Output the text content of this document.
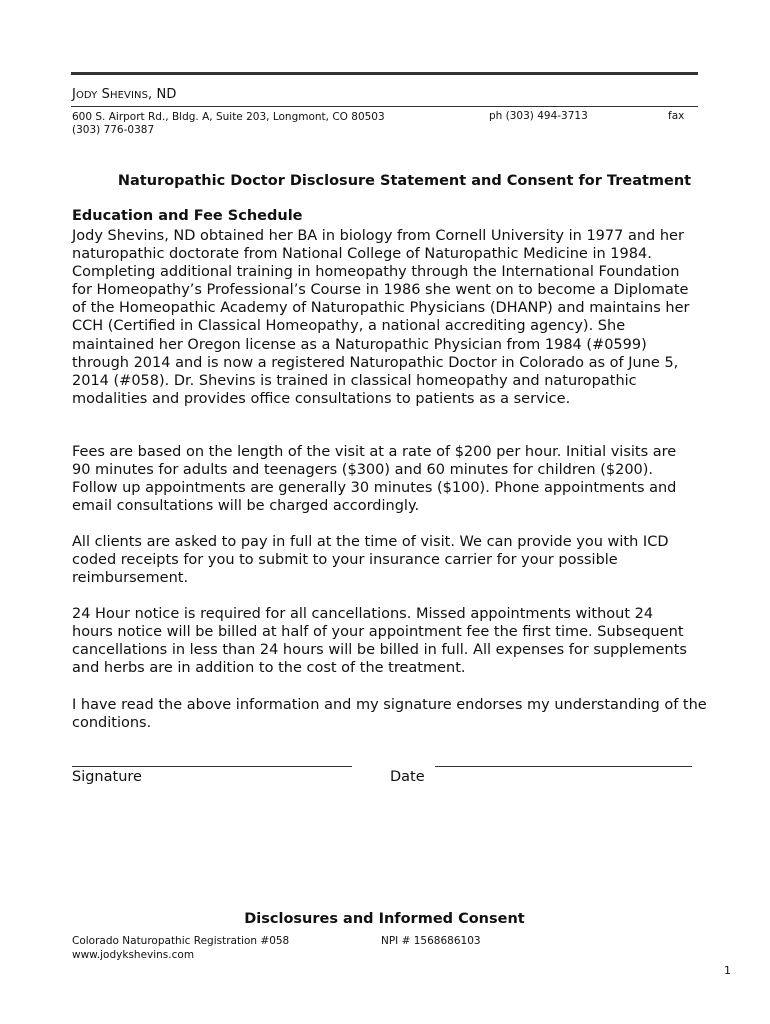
JODY SHEVINS, ND
600 S. Airport Rd., Bldg. A, Suite 203, Longmont, CO 80503	ph (303) 494-3713	fax
(303) 776-0387
Naturopathic Doctor Disclosure Statement and Consent for Treatment
Education and Fee Schedule

Jody Shevins, ND obtained her BA in biology from Cornell University in 1977 and her naturopathic doctorate from National College of Naturopathic Medicine in 1984. Completing additional training in homeopathy through the International Foundation for Homeopathy’s Professional’s Course in 1986 she went on to become a Diplomate of the Homeopathic Academy of Naturopathic Physicians (DHANP) and maintains her CCH (Certified in Classical Homeopathy, a national accrediting agency). She maintained her Oregon license as a Naturopathic Physician from 1984 (#0599) through 2014 and is now a registered Naturopathic Doctor in Colorado as of June 5, 2014 (#058). Dr. Shevins is trained in classical homeopathy and naturopathic modalities and provides office consultations to patients as a service.

Fees are based on the length of the visit at a rate of $200 per hour. Initial visits are 90 minutes for adults and teenagers ($300) and 60 minutes for children ($200). Follow up appointments are generally 30 minutes ($100). Phone appointments and email consultations will be charged accordingly.

All clients are asked to pay in full at the time of visit. We can provide you with ICD coded receipts for you to submit to your insurance carrier for your possible reimbursement.

24 Hour notice is required for all cancellations. Missed appointments without 24 hours notice will be billed at half of your appointment fee the first time. Subsequent cancellations in less than 24 hours will be billed in full. All expenses for supplements and herbs are in addition to the cost of the treatment.

I have read the above information and my signature endorses my understanding of the conditions.

Signature	Date
Disclosures and Informed Consent
Colorado Naturopathic Registration #058	NPI # 1568686103
www.jodykshevins.com
1
